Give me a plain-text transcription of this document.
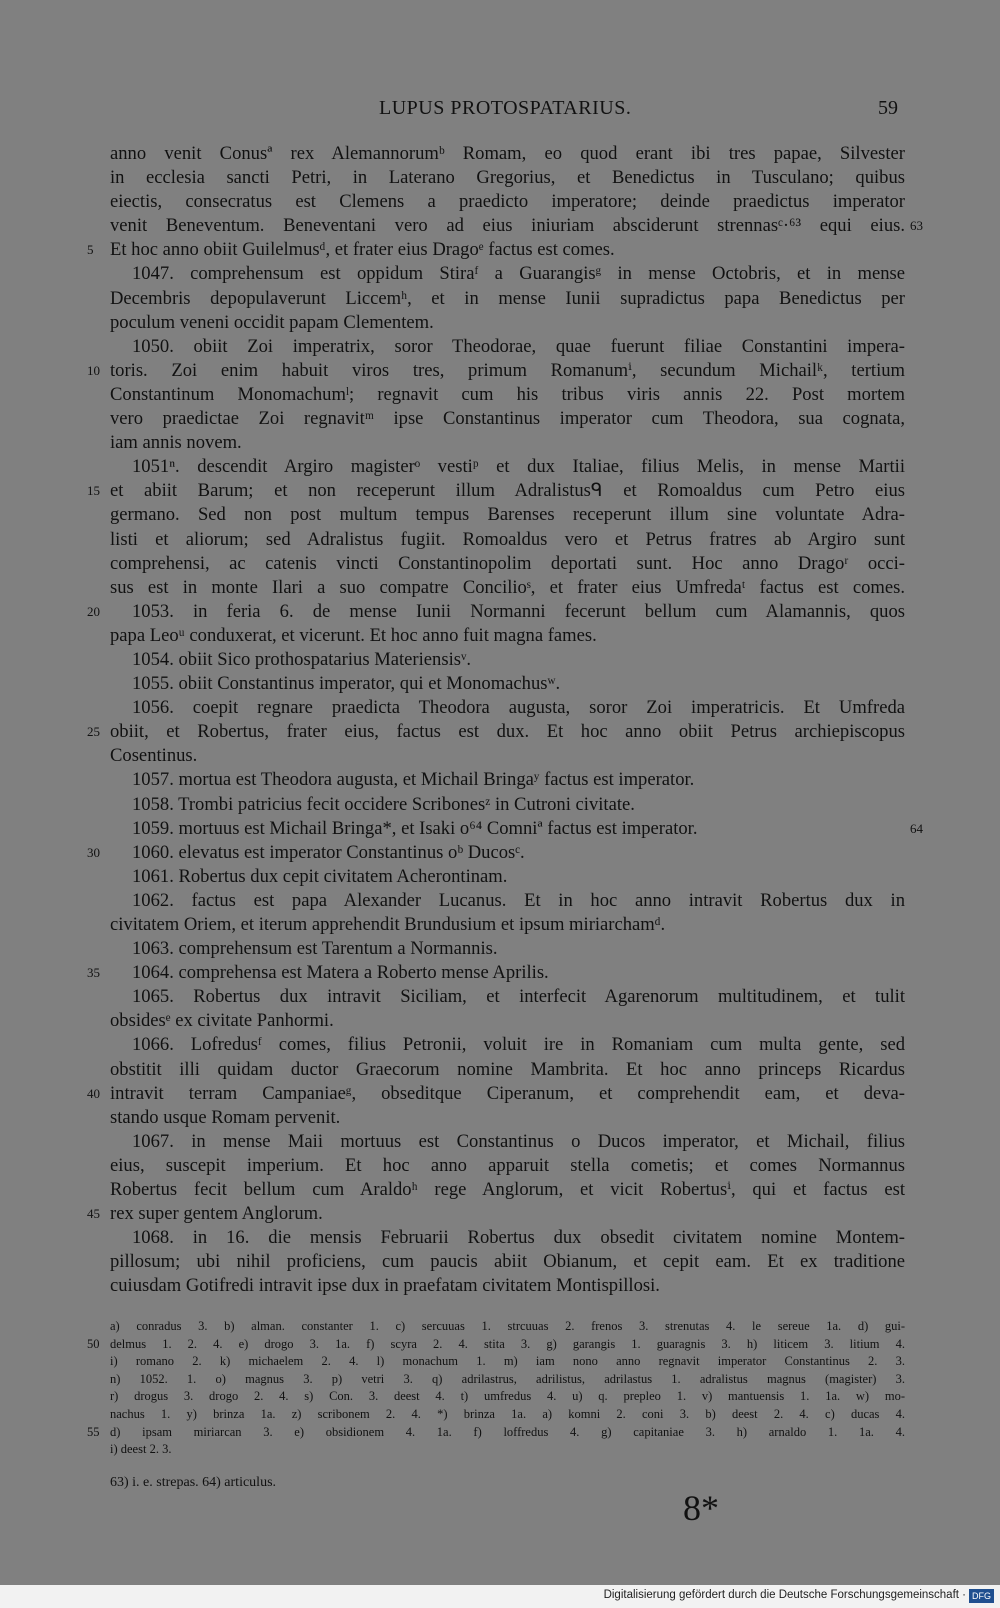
LUPUS PROTOSPATARIUS.	59
anno venit Conusª rex Alemannorumᵇ Romam, eo quod erant ibi tres papae, Silvester
in ecclesia sancti Petri, in Laterano Gregorius, et Benedictus in Tusculano; quibus
eiectis, consecratus est Clemens a praedicto imperatore; deinde praedictus imperator
venit Beneventum. Beneventani vero ad eius iniuriam absciderunt strennasᶜ·⁶³ equi eius. 63
Et hoc anno obiit Guilelmusᵈ, et frater eius Dragoᵉ factus est comes.
5
1047. comprehensum est oppidum Stiraᶠ a Guarangisᵍ in mense Octobris, et in mense
Decembris depopulaverunt Liccemʰ, et in mense Iunii supradictus papa Benedictus per
poculum veneni occidit papam Clementem.
1050. obiit Zoi imperatrix, soror Theodorae, quae fuerunt filiae Constantini impera-
toris. Zoi enim habuit viros tres, primum Romanumⁱ, secundum Michailᵏ, tertium
10
Constantinum Monomachumˡ; regnavit cum his tribus viris annis 22. Post mortem
vero praedictae Zoi regnavitᵐ ipse Constantinus imperator cum Theodora, sua cognata,
iam annis novem.
1051ⁿ. descendit Argiro magisterᵒ vestiᵖ et dux Italiae, filius Melis, in mense Martii
et abiit Barum; et non receperunt illum Adralistusᑫ et Romoaldus cum Petro eius
15
germano. Sed non post multum tempus Barenses receperunt illum sine voluntate Adra-
listi et aliorum; sed Adralistus fugiit. Romoaldus vero et Petrus fratres ab Argiro sunt
comprehensi, ac catenis vincti Constantinopolim deportati sunt. Hoc anno Dragoʳ occi-
sus est in monte Ilari a suo compatre Concilioˢ, et frater eius Umfredaᵗ factus est comes.
1053. in feria 6. de mense Iunii Normanni fecerunt bellum cum Alamannis, quos
20
papa Leoᵘ conduxerat, et vicerunt. Et hoc anno fuit magna fames.
1054. obiit Sico prothospatarius Materiensisᵛ.
1055. obiit Constantinus imperator, qui et Monomachusʷ.
1056. coepit regnare praedicta Theodora augusta, soror Zoi imperatricis. Et Umfreda
obiit, et Robertus, frater eius, factus est dux. Et hoc anno obiit Petrus archiepiscopus
25
Cosentinus.
1057. mortua est Theodora augusta, et Michail Bringaʸ factus est imperator.
1058. Trombi patricius fecit occidere Scribonesᶻ in Cutroni civitate.
1059. mortuus est Michail Bringa*, et Isaki o⁶⁴ Comniª factus est imperator.	64
1060. elevatus est imperator Constantinus oᵇ Ducosᶜ.
30
1061. Robertus dux cepit civitatem Acherontinam.
1062. factus est papa Alexander Lucanus. Et in hoc anno intravit Robertus dux in
civitatem Oriem, et iterum apprehendit Brundusium et ipsum miriarchamᵈ.
1063. comprehensum est Tarentum a Normannis.
1064. comprehensa est Matera a Roberto mense Aprilis.
35
1065. Robertus dux intravit Siciliam, et interfecit Agarenorum multitudinem, et tulit
obsidesᵉ ex civitate Panhormi.
1066. Lofredusᶠ comes, filius Petronii, voluit ire in Romaniam cum multa gente, sed
obstitit illi quidam ductor Graecorum nomine Mambrita. Et hoc anno princeps Ricardus
intravit terram Campaniaeᵍ, obseditque Ciperanum, et comprehendit eam, et deva-
40
stando usque Romam pervenit.
1067. in mense Maii mortuus est Constantinus o Ducos imperator, et Michail, filius
eius, suscepit imperium. Et hoc anno apparuit stella cometis; et comes Normannus
Robertus fecit bellum cum Araldoʰ rege Anglorum, et vicit Robertusⁱ, qui et factus est
rex super gentem Anglorum.
45
1068. in 16. die mensis Februarii Robertus dux obsedit civitatem nomine Montem-
pillosum; ubi nihil proficiens, cum paucis abiit Obianum, et cepit eam. Et ex traditione
cuiusdam Gotifredi intravit ipse dux in praefatam civitatem Montispillosi.
a) conradus 3. b) alman. constanter 1. c) sercuuas 1. strcuuas 2. frenos 3. strenutas 4. le sereue 1a. d) gui-
delmus 1. 2. 4. e) drogo 3. 1a. f) scyra 2. 4. stita 3. g) garangis 1. guaragnis 3. h) liticem 3. litium 4.
50
i) romano 2. k) michaelem 2. 4. l) monachum 1. m) iam nono anno regnavit imperator Constantinus 2. 3.
n) 1052. 1. o) magnus 3. p) vetri 3. q) adrilastrus, adrilistus, adrilastus 1. adralistus magnus (magister) 3.
r) drogus 3. drogo 2. 4. s) Con. 3. deest 4. t) umfredus 4. u) q. prepleo 1. v) mantuensis 1. 1a. w) mo-
nachus 1. y) brinza 1a. z) scribonem 2. 4. *) brinza 1a. a) komni 2. coni 3. b) deest 2. 4. c) ducas 4.
d) ipsam miriarcan 3. e) obsidionem 4. 1a. f) loffredus 4. g) capitaniae 3. h) arnaldo 1. 1a. 4.
55
i) deest 2. 3.
63) i. e. strepas. 64) articulus.
8*
Digitalisierung gefördert durch die Deutsche Forschungsgemeinschaft · DFG
